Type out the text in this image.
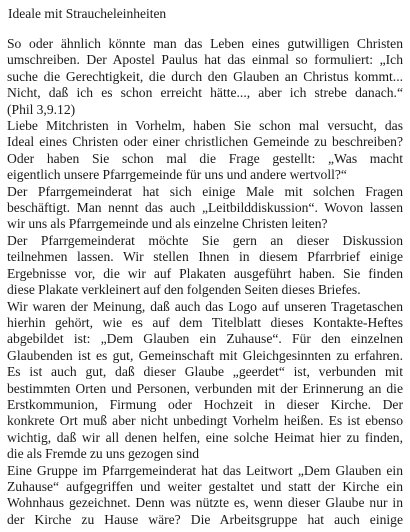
Ideale mit Straucheleinheiten

So oder ähnlich könnte man das Leben eines gutwilligen Christen
umschreiben. Der Apostel Paulus hat das einmal so formuliert: „Ich
suche die Gerechtigkeit, die durch den Glauben an Christus kommt...
Nicht, daß ich es schon erreicht hätte..., aber ich strebe danach.“
(Phil 3,9.12)

Liebe Mitchristen in Vorhelm, haben Sie schon mal versucht, das
Ideal eines Christen oder einer christlichen Gemeinde zu beschreiben?
Oder haben Sie schon mal die Frage gestellt: „Was macht
eigentlich unsere Pfarrgemeinde für uns und andere wertvoll?“

Der Pfarrgemeinderat hat sich einige Male mit solchen Fragen
beschäftigt. Man nennt das auch „Leitbilddiskussion“. Wovon lassen
wir uns als Pfarrgemeinde und als einzelne Christen leiten?

Der Pfarrgemeinderat möchte Sie gern an dieser Diskussion
teilnehmen lassen. Wir stellen Ihnen in diesem Pfarrbrief einige
Ergebnisse vor, die wir auf Plakaten ausgeführt haben. Sie finden
diese Plakate verkleinert auf den folgenden Seiten dieses Briefes.

Wir waren der Meinung, daß auch das Logo auf unseren Tragetaschen
hierhin gehört, wie es auf dem Titelblatt dieses Kontakte-Heftes
abgebildet ist: „Dem Glauben ein Zuhause“. Für den einzelnen
Glaubenden ist es gut, Gemeinschaft mit Gleichgesinnten zu erfahren.
Es ist auch gut, daß dieser Glaube „geerdet“ ist, verbunden mit
bestimmten Orten und Personen, verbunden mit der Erinnerung an die
Erstkommunion, Firmung oder Hochzeit in dieser Kirche. Der
konkrete Ort muß aber nicht unbedingt Vorhelm heißen. Es ist ebenso
wichtig, daß wir all denen helfen, eine solche Heimat hier zu finden,
die als Fremde zu uns gezogen sind

Eine Gruppe im Pfarrgemeinderat hat das Leitwort „Dem Glauben ein
Zuhause“ aufgegriffen und weiter gestaltet und statt der Kirche ein
Wohnhaus gezeichnet. Denn was nützte es, wenn dieser Glaube nur in
der Kirche zu Hause wäre? Die Arbeitsgruppe hat auch einige
